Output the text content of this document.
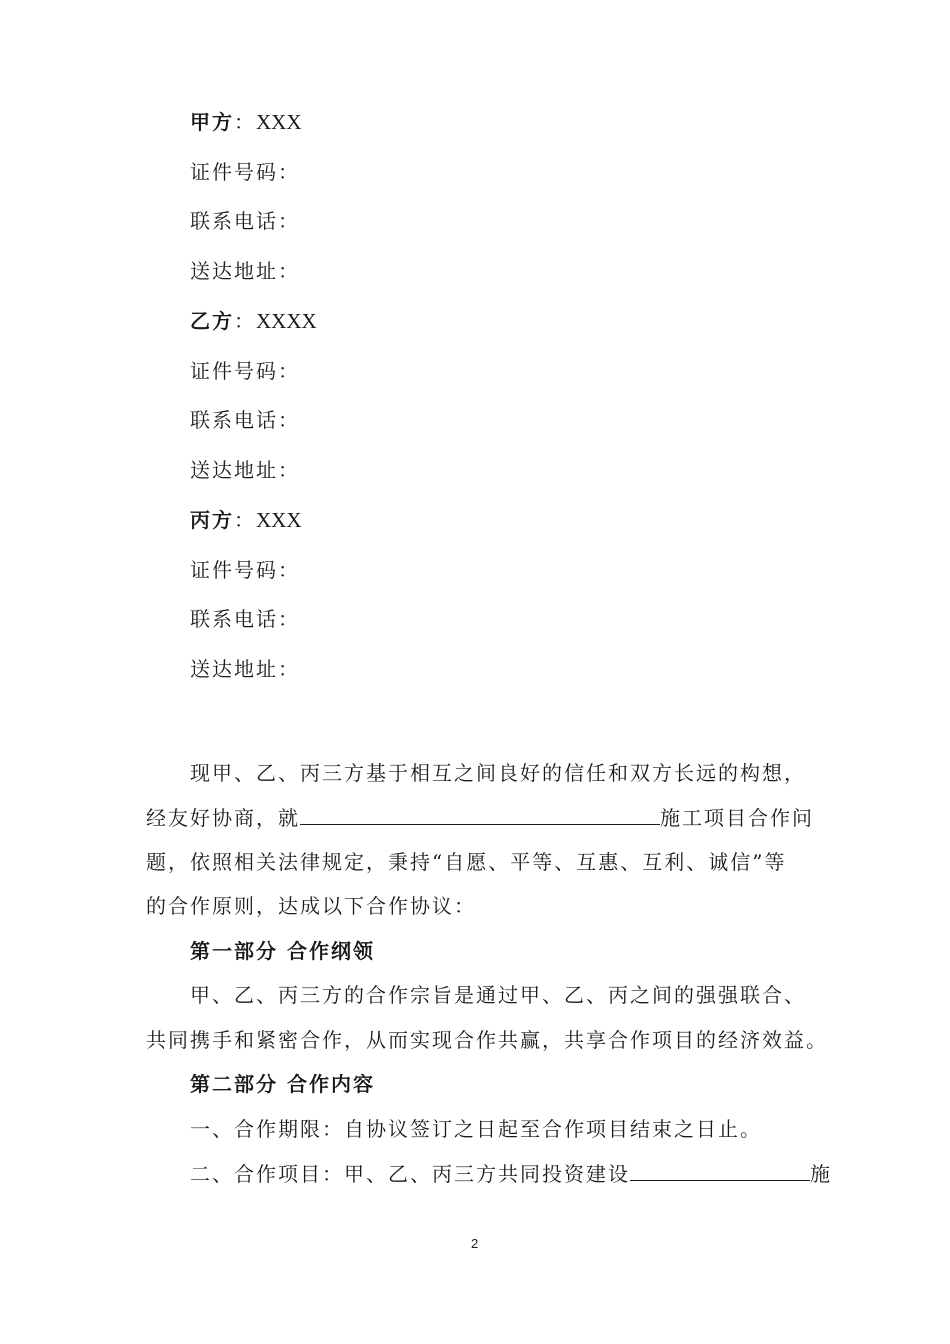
甲方：XXX
证件号码：
联系电话：
送达地址：
乙方：XXXX
证件号码：
联系电话：
送达地址：
丙方：XXX
证件号码：
联系电话：
送达地址：
现甲、乙、丙三方基于相互之间良好的信任和双方长远的构想，
经友好协商，就	施工项目合作问
题，依照相关法律规定，秉持“自愿、平等、互惠、互利、诚信”等
的合作原则，达成以下合作协议：
第一部分 合作纲领
甲、乙、丙三方的合作宗旨是通过甲、乙、丙之间的强强联合、
共同携手和紧密合作，从而实现合作共赢，共享合作项目的经济效益。
第二部分 合作内容
一、合作期限：自协议签订之日起至合作项目结束之日止。
二、合作项目：甲、乙、丙三方共同投资建设	施
2
